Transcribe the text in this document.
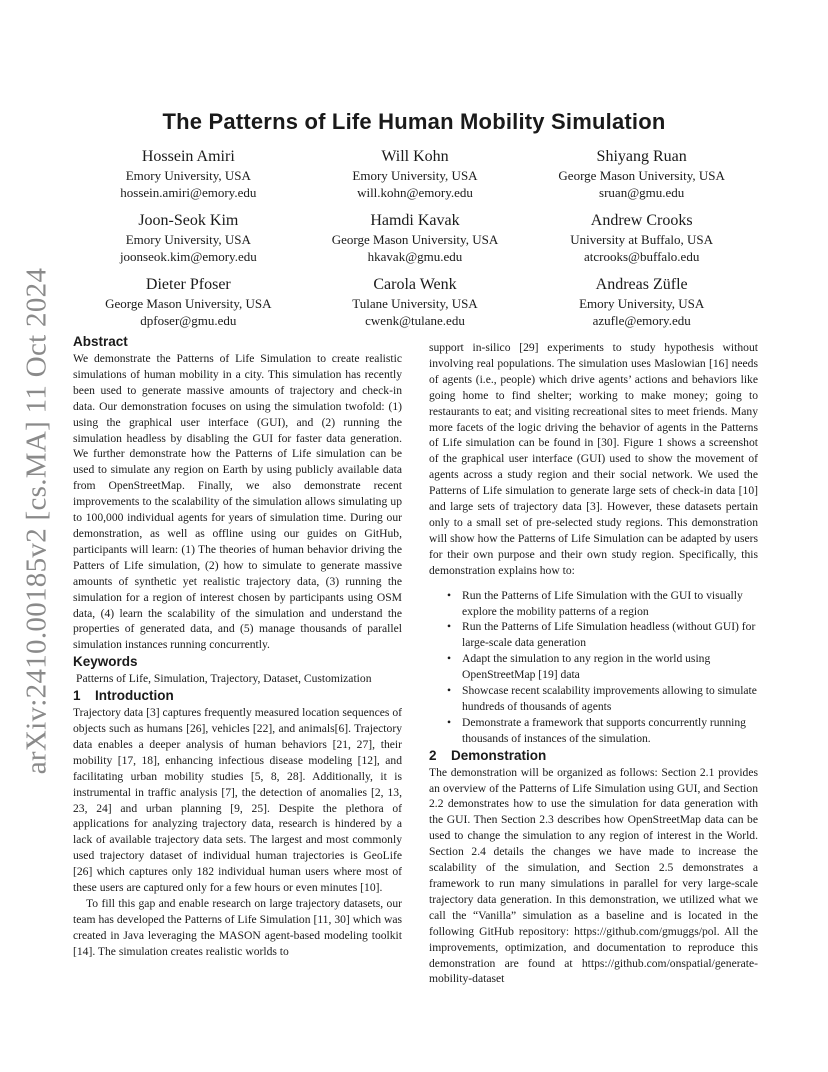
arXiv:2410.00185v2 [cs.MA] 11 Oct 2024
The Patterns of Life Human Mobility Simulation
Hossein Amiri
Emory University, USA
hossein.amiri@emory.edu
Will Kohn
Emory University, USA
will.kohn@emory.edu
Shiyang Ruan
George Mason University, USA
sruan@gmu.edu
Joon-Seok Kim
Emory University, USA
joonseok.kim@emory.edu
Hamdi Kavak
George Mason University, USA
hkavak@gmu.edu
Andrew Crooks
University at Buffalo, USA
atcrooks@buffalo.edu
Dieter Pfoser
George Mason University, USA
dpfoser@gmu.edu
Carola Wenk
Tulane University, USA
cwenk@tulane.edu
Andreas Züfle
Emory University, USA
azufle@emory.edu
Abstract

We demonstrate the Patterns of Life Simulation to create realistic simulations of human mobility in a city. This simulation has recently been used to generate massive amounts of trajectory and check-in data. Our demonstration focuses on using the simulation twofold: (1) using the graphical user interface (GUI), and (2) running the simulation headless by disabling the GUI for faster data generation. We further demonstrate how the Patterns of Life simulation can be used to simulate any region on Earth by using publicly available data from OpenStreetMap. Finally, we also demonstrate recent improvements to the scalability of the simulation allows simulating up to 100,000 individual agents for years of simulation time. During our demonstration, as well as offline using our guides on GitHub, participants will learn: (1) The theories of human behavior driving the Patters of Life simulation, (2) how to simulate to generate massive amounts of synthetic yet realistic trajectory data, (3) running the simulation for a region of interest chosen by participants using OSM data, (4) learn the scalability of the simulation and understand the properties of generated data, and (5) manage thousands of parallel simulation instances running concurrently.

Keywords

Patterns of Life, Simulation, Trajectory, Dataset, Customization

1 Introduction

Trajectory data [3] captures frequently measured location sequences of objects such as humans [26], vehicles [22], and animals[6]. Trajectory data enables a deeper analysis of human behaviors [21, 27], their mobility [17, 18], enhancing infectious disease modeling [12], and facilitating urban mobility studies [5, 8, 28]. Additionally, it is instrumental in traffic analysis [7], the detection of anomalies [2, 13, 23, 24] and urban planning [9, 25]. Despite the plethora of applications for analyzing trajectory data, research is hindered by a lack of available trajectory data sets. The largest and most commonly used trajectory dataset of individual human trajectories is GeoLife [26] which captures only 182 individual human users where most of these users are captured only for a few hours or even minutes [10].

To fill this gap and enable research on large trajectory datasets, our team has developed the Patterns of Life Simulation [11, 30] which was created in Java leveraging the MASON agent-based modeling toolkit [14]. The simulation creates realistic worlds to

support in-silico [29] experiments to study hypothesis without involving real populations. The simulation uses Maslowian [16] needs of agents (i.e., people) which drive agents’ actions and behaviors like going home to find shelter; working to make money; going to restaurants to eat; and visiting recreational sites to meet friends. Many more facets of the logic driving the behavior of agents in the Patterns of Life simulation can be found in [30]. Figure 1 shows a screenshot of the graphical user interface (GUI) used to show the movement of agents across a study region and their social network. We used the Patterns of Life simulation to generate large sets of check-in data [10] and large sets of trajectory data [3]. However, these datasets pertain only to a small set of pre-selected study regions. This demonstration will show how the Patterns of Life Simulation can be adapted by users for their own purpose and their own study region. Specifically, this demonstration explains how to:

• Run the Patterns of Life Simulation with the GUI to visually explore the mobility patterns of a region
• Run the Patterns of Life Simulation headless (without GUI) for large-scale data generation
• Adapt the simulation to any region in the world using OpenStreetMap [19] data
• Showcase recent scalability improvements allowing to simulate hundreds of thousands of agents
• Demonstrate a framework that supports concurrently running thousands of instances of the simulation.
2 Demonstration

The demonstration will be organized as follows: Section 2.1 provides an overview of the Patterns of Life Simulation using GUI, and Section 2.2 demonstrates how to use the simulation for data generation with the GUI. Then Section 2.3 describes how OpenStreetMap data can be used to change the simulation to any region of interest in the World. Section 2.4 details the changes we have made to increase the scalability of the simulation, and Section 2.5 demonstrates a framework to run many simulations in parallel for very large-scale trajectory data generation. In this demonstration, we utilized what we call the “Vanilla” simulation as a baseline and is located in the following GitHub repository: https://github.com/gmuggs/pol. All the improvements, optimization, and documentation to reproduce this demonstration are found at https://github.com/onspatial/generate-mobility-dataset
